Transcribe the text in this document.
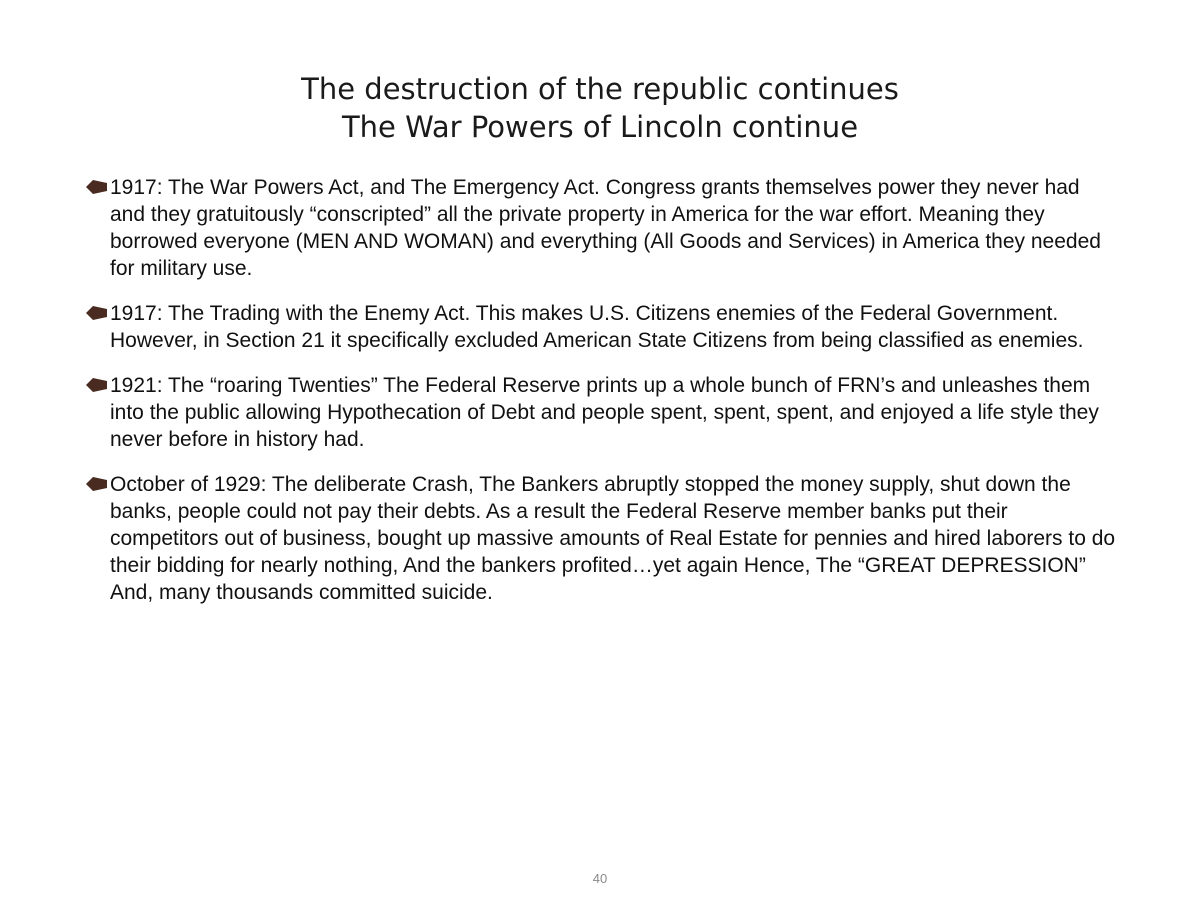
The destruction of the republic continues
The War Powers of Lincoln continue
1917: The War Powers Act, and The Emergency Act. Congress grants themselves power they never had and they gratuitously “conscripted” all the private property in America for the war effort. Meaning they borrowed everyone (MEN AND WOMAN) and everything (All Goods and Services) in America they needed for military use.
1917: The Trading with the Enemy Act. This makes U.S. Citizens enemies of the Federal Government. However, in Section 21 it specifically excluded American State Citizens from being classified as enemies.
1921: The “roaring Twenties” The Federal Reserve prints up a whole bunch of FRN’s and unleashes them into the public allowing Hypothecation of Debt and people spent, spent, spent, and enjoyed a life style they never before in history had.
October of 1929: The deliberate Crash, The Bankers abruptly stopped the money supply, shut down the banks, people could not pay their debts. As a result the Federal Reserve member banks put their competitors out of business, bought up massive amounts of Real Estate for pennies and hired laborers to do their bidding for nearly nothing, And the bankers profited…yet again Hence, The “GREAT DEPRESSION” And, many thousands committed suicide.
40
